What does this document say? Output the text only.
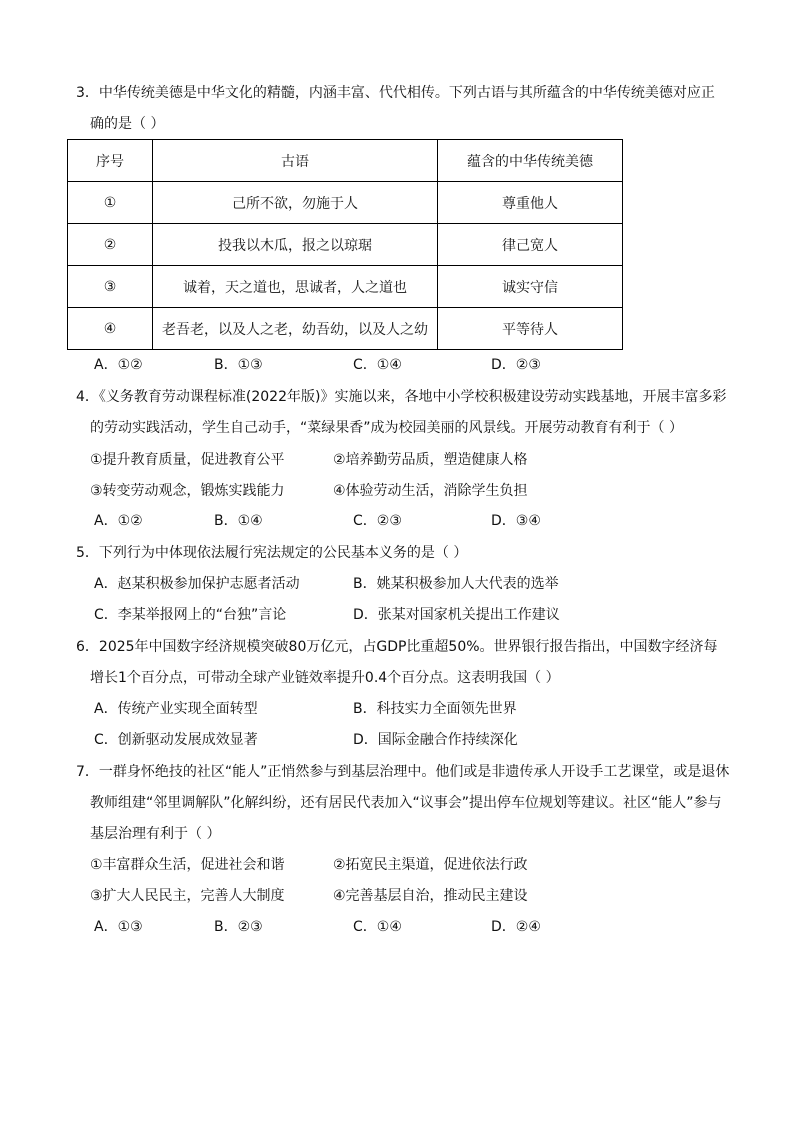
3．中华传统美德是中华文化的精髓，内涵丰富、代代相传。下列古语与其所蕴含的中华传统美德对应正
确的是（ ）
序号	古语	蕴含的中华传统美德
①	己所不欲，勿施于人	尊重他人
②	投我以木瓜，报之以琼琚	律己宽人
③	诚着，天之道也，思诚者，人之道也	诚实守信
④	老吾老，以及人之老，幼吾幼，以及人之幼	平等待人
A．①②	B．①③	C．①④	D．②③
4．《义务教育劳动课程标准(2022年版)》实施以来，各地中小学校积极建设劳动实践基地，开展丰富多彩
的劳动实践活动，学生自己动手，“菜绿果香”成为校园美丽的风景线。开展劳动教育有利于（ ）
①提升教育质量，促进教育公平	②培养勤劳品质，塑造健康人格
③转变劳动观念，锻炼实践能力	④体验劳动生活，消除学生负担
A．①②	B．①④	C．②③	D．③④
5．下列行为中体现依法履行宪法规定的公民基本义务的是（ ）
A．赵某积极参加保护志愿者活动	B．姚某积极参加人大代表的选举
C．李某举报网上的“台独”言论	D．张某对国家机关提出工作建议
6．2025年中国数字经济规模突破80万亿元，占GDP比重超50%。世界银行报告指出，中国数字经济每
增长1个百分点，可带动全球产业链效率提升0.4个百分点。这表明我国（ ）
A．传统产业实现全面转型	B．科技实力全面领先世界
C．创新驱动发展成效显著	D．国际金融合作持续深化
7．一群身怀绝技的社区“能人”正悄然参与到基层治理中。他们或是非遗传承人开设手工艺课堂，或是退休
教师组建“邻里调解队”化解纠纷，还有居民代表加入“议事会”提出停车位规划等建议。社区“能人”参与
基层治理有利于（ ）
①丰富群众生活，促进社会和谐	②拓宽民主渠道，促进依法行政
③扩大人民民主，完善人大制度	④完善基层自治，推动民主建设
A．①③	B．②③	C．①④	D．②④
